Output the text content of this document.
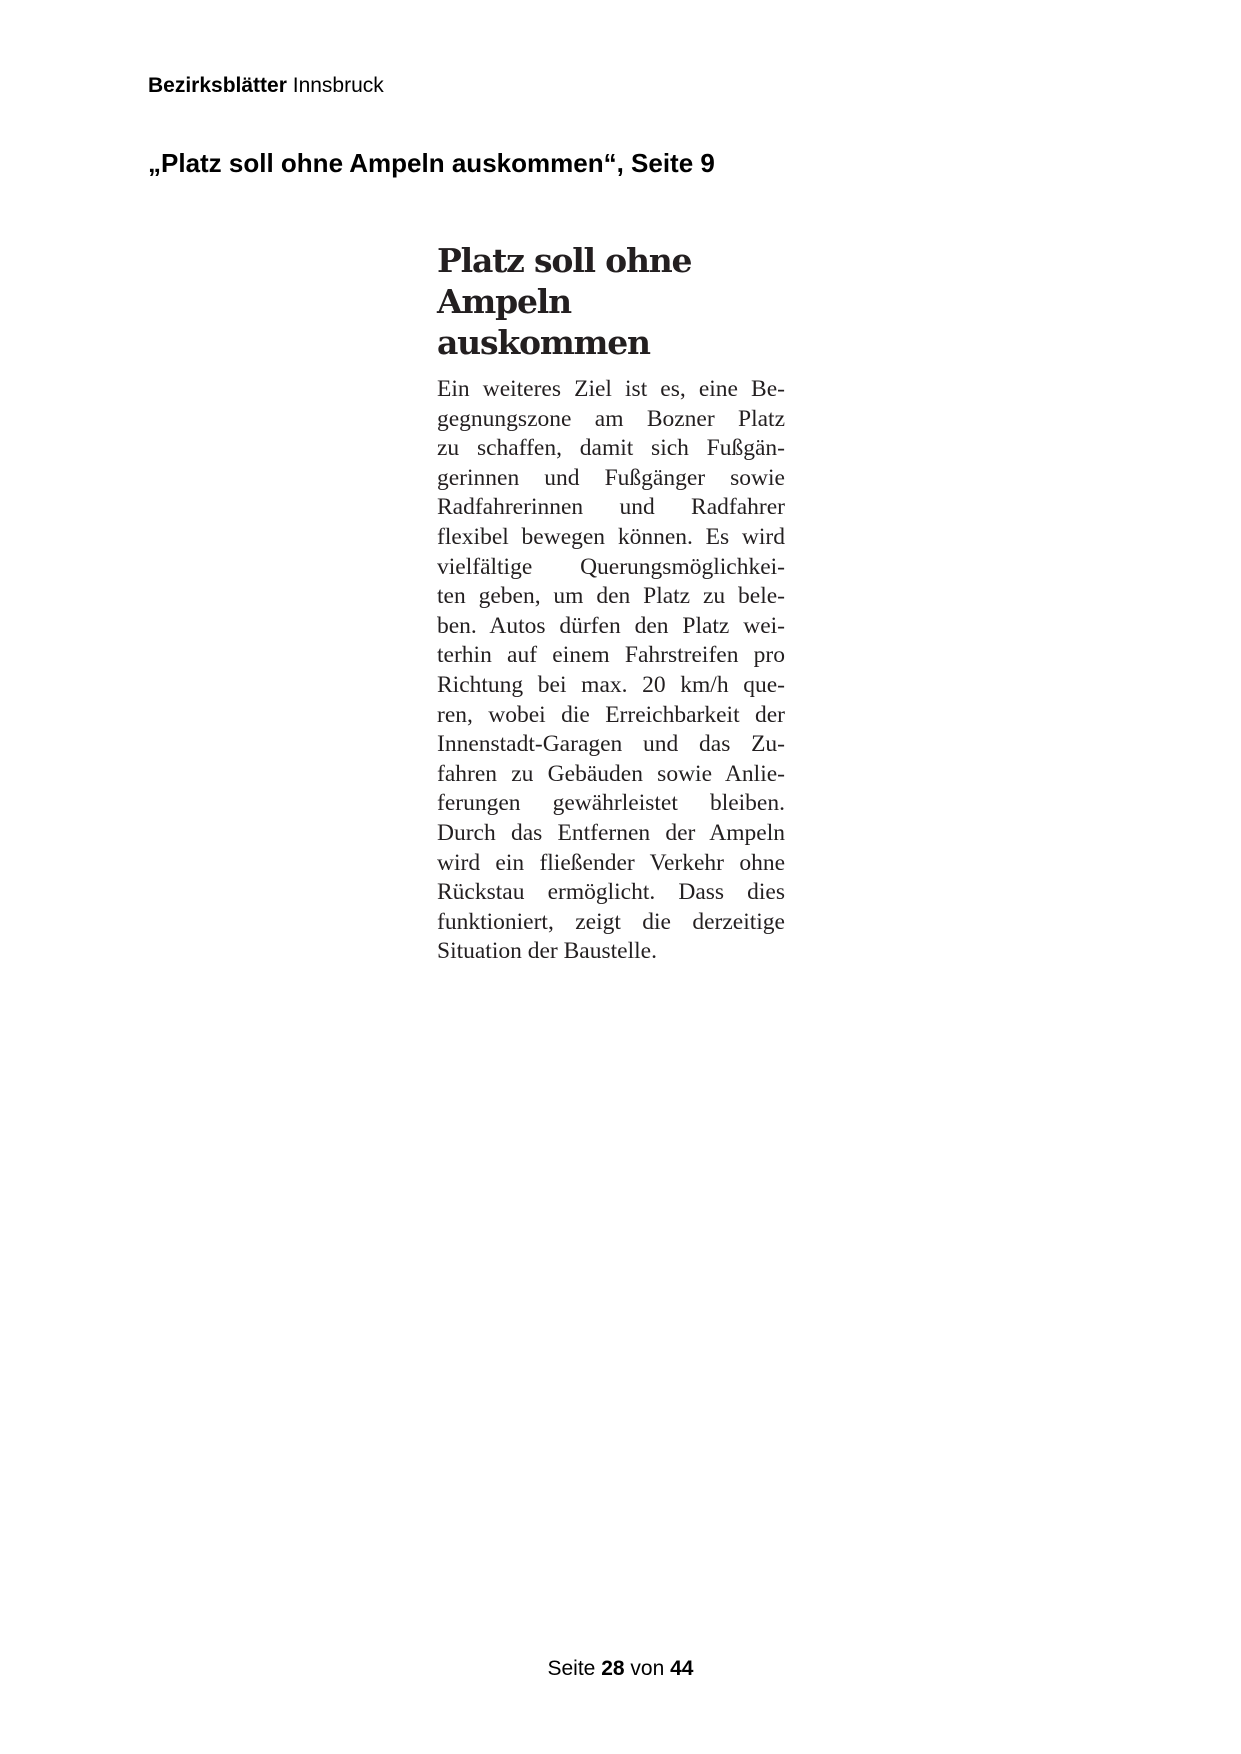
Bezirksblätter Innsbruck
„Platz soll ohne Ampeln auskommen“, Seite 9
Platz soll ohne
Ampeln auskommen
Ein weiteres Ziel ist es, eine Be-
gegnungszone am Bozner Platz
zu schaffen, damit sich Fußgän-
gerinnen und Fußgänger sowie
Radfahrerinnen und Radfahrer
flexibel bewegen können. Es wird
vielfältige Querungsmöglichkei-
ten geben, um den Platz zu bele-
ben. Autos dürfen den Platz wei-
terhin auf einem Fahrstreifen pro
Richtung bei max. 20 km/h que-
ren, wobei die Erreichbarkeit der
Innenstadt-Garagen und das Zu-
fahren zu Gebäuden sowie Anlie-
ferungen gewährleistet bleiben.
Durch das Entfernen der Ampeln
wird ein fließender Verkehr ohne
Rückstau ermöglicht. Dass dies
funktioniert, zeigt die derzeitige
Situation der Baustelle.
Seite 28 von 44
